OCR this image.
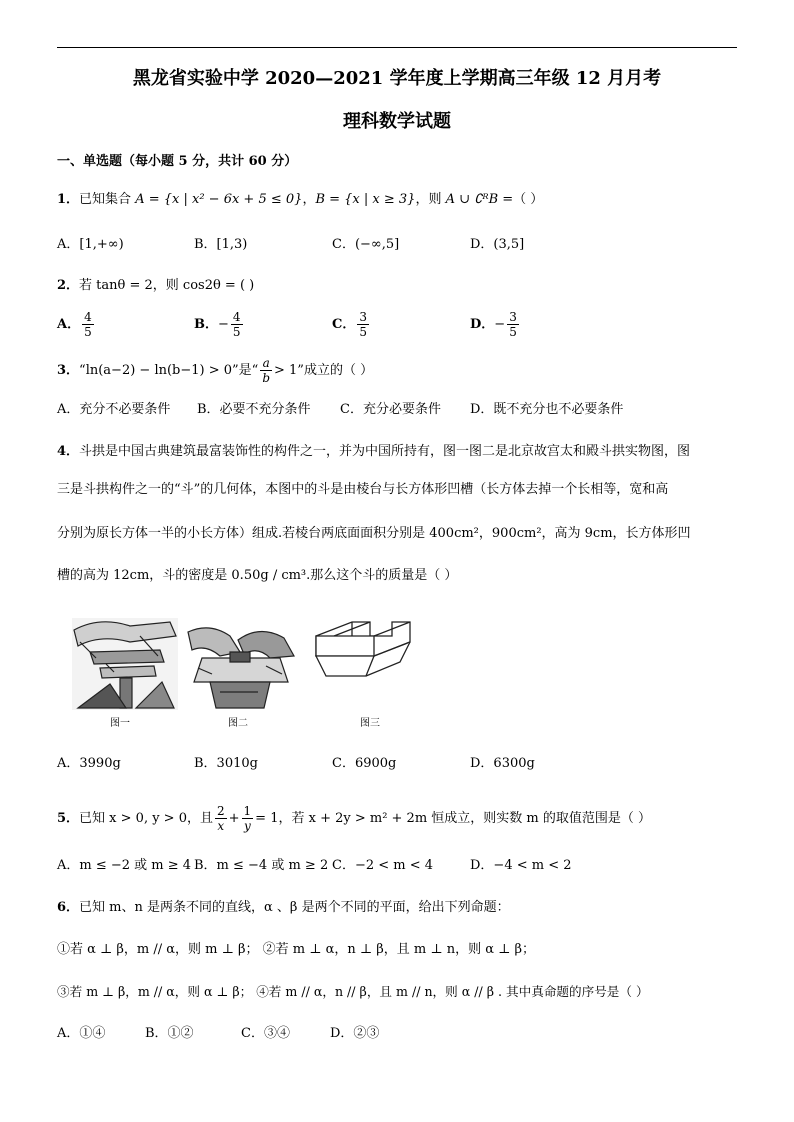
黑龙省实验中学 2020—2021 学年度上学期高三年级 12 月月考
理科数学试题
一、单选题（每小题 5 分，共计 60 分）
1．已知集合 A = {x | x² − 6x + 5 ≤ 0}，B = {x | x ≥ 3}，则 A ∪ ∁ᴿB =（ ）
A．[1,+∞)	B．[1,3)	C．(−∞,5]	D．(3,5]
2．若 tanθ = 2，则 cos2θ = ( )
A． $\frac{4}{5}$	B．− $\frac{4}{5}$	C． $\frac{3}{5}$	D．− $\frac{3}{5}$
3．“ln(a−2) − ln(b−1) > 0”是“ $\frac{a}{b} > 1$”成立的（ ）
A．充分不必要条件 B．必要不充分条件 C．充分必要条件 D．既不充分也不必要条件
4．斗拱是中国古典建筑最富装饰性的构件之一，并为中国所持有，图一图二是北京故宫太和殿斗拱实物图，图
三是斗拱构件之一的“斗”的几何体，本图中的斗是由棱台与长方体形凹槽（长方体去掉一个长相等，宽和高
分别为原长方体一半的小长方体）组成.若棱台两底面面积分别是 400cm²，900cm²，高为 9cm，长方体形凹
槽的高为 12cm，斗的密度是 0.50g / cm³.那么这个斗的质量是（ ）
图一	图二	图三
A．3990g	B．3010g	C．6900g	D．6300g
5．已知 x > 0, y > 0，且 $\frac{2}{x} + \frac{1}{y} = 1$，若 x + 2y > m² + 2m 恒成立，则实数 m 的取值范围是（ ）
A．m ≤ −2 或 m ≥ 4 B．m ≤ −4 或 m ≥ 2 C．−2 < m < 4	D．−4 < m < 2
6．已知 m、n 是两条不同的直线，α 、β 是两个不同的平面，给出下列命题：
①若 α ⊥ β，m // α，则 m ⊥ β； ②若 m ⊥ α，n ⊥ β，且 m ⊥ n，则 α ⊥ β；
③若 m ⊥ β，m // α，则 α ⊥ β； ④若 m // α，n // β，且 m // n，则 α // β . 其中真命题的序号是（ ）
A．①④	B．①②	C．③④	D．②③
